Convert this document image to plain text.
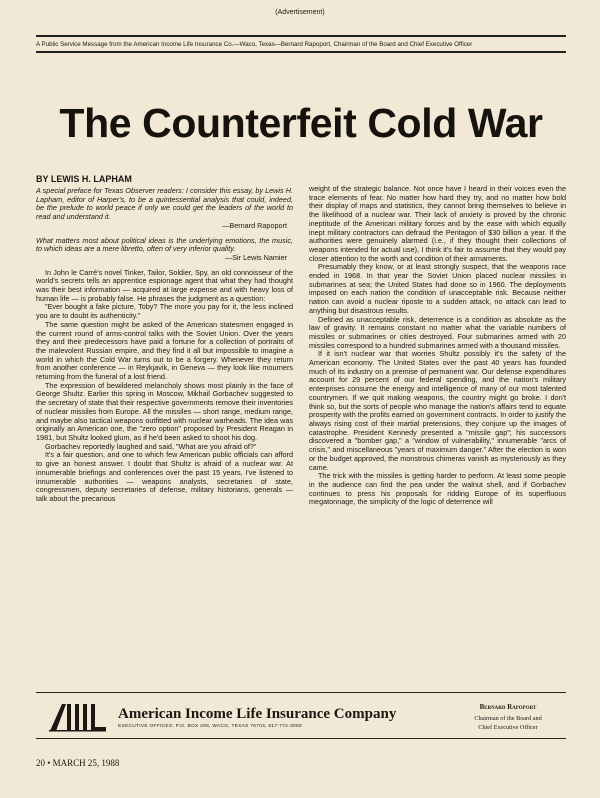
(Advertisement)
A Public Service Message from the American Income Life Insurance Co.—Waco, Texas—Bernard Rapoport, Chairman of the Board and Chief Executive Officer
The Counterfeit Cold War
BY LEWIS H. LAPHAM

A special preface for Texas Observer readers: I consider this essay, by Lewis H. Lapham, editor of Harper's, to be a quintessential analysis that could, indeed, be the prelude to world peace if only we could get the leaders of the world to read and understand it.

—Bernard Rapoport

What matters most about political ideas is the underlying emotions, the music, to which ideas are a mere libretto, often of very inferior quality.

—Sir Lewis Namier

In John le Carré's novel Tinker, Tailor, Soldier, Spy, an old connoisseur of the world's secrets tells an apprentice espionage agent that what they had thought was their best information — acquired at large expense and with heavy loss of human life — is probably false. He phrases the judgment as a question:

"Ever bought a fake picture, Toby? The more you pay for it, the less inclined you are to doubt its authenticity."

The same question might be asked of the American statesmen engaged in the current round of arms-control talks with the Soviet Union. Over the years they and their predecessors have paid a fortune for a collection of portraits of the malevolent Russian empire, and they find it all but impossible to imagine a world in which the Cold War turns out to be a forgery. Whenever they return from another conference — in Reykjavik, in Geneva — they look like mourners returning from the funeral of a lost friend.

The expression of bewildered melancholy shows most plainly in the face of George Shultz. Earlier this spring in Moscow, Mikhail Gorbachev suggested to the secretary of state that their respective governments remove their inventories of nuclear missiles from Europe. All the missiles — short range, medium range, and maybe also tactical weapons outfitted with nuclear warheads. The idea was originally an American one, the "zero option" proposed by President Reagan in 1981, but Shultz looked glum, as if he'd been asked to shoot his dog.

Gorbachev reportedly laughed and said, "What are you afraid of?"

It's a fair question, and one to which few American public officials can afford to give an honest answer. I doubt that Shultz is afraid of a nuclear war. At innumerable briefings and conferences over the past 15 years, I've listened to innumerable authorities — weapons analysts, secretaries of state, congressmen, deputy secretaries of defense, military historians, generals — talk about the precarious

weight of the strategic balance. Not once have I heard in their voices even the trace elements of fear. No matter how hard they try, and no matter how bold their display of maps and statistics, they cannot bring themselves to believe in the likelihood of a nuclear war. Their lack of anxiety is proved by the chronic ineptitude of the American military forces and by the ease with which equally inept military contractors can defraud the Pentagon of $30 billion a year. If the authorities were genuinely alarmed (i.e., if they thought their collections of weapons intended for actual use), I think it's fair to assume that they would pay closer attention to the worth and condition of their armaments.

Presumably they know, or at least strongly suspect, that the weapons race ended in 1968. In that year the Soviet Union placed nuclear missiles in submarines at sea; the United States had done so in 1960. The deployments imposed on each nation the condition of unacceptable risk. Because neither nation can avoid a nuclear riposte to a sudden attack, no attack can lead to anything but disastrous results.

Defined as unacceptable risk, deterrence is a condition as absolute as the law of gravity. It remains constant no matter what the variable numbers of missiles or submarines or cities destroyed. Four submarines armed with 20 missiles correspond to a hundred submarines armed with a thousand missiles.

If it isn't nuclear war that worries Shultz possibly it's the safety of the American economy. The United States over the past 40 years has founded much of its industry on a premise of permanent war. Our defense expenditures account for 29 percent of our federal spending, and the nation's military enterprises consume the energy and intelligence of many of our most talented countrymen. If we quit making weapons, the country might go broke. I don't think so, but the sorts of people who manage the nation's affairs tend to equate prosperity with the profits earned on government contracts. In order to justify the always rising cost of their martial pretensions, they conjure up the images of catastrophe. President Kennedy presented a "missile gap"; his successors discovered a "bomber gap," a "window of vulnerability," innumerable "arcs of crisis," and miscellaneous "years of maximum danger." After the election is won or the budget approved, the monstrous chimeras vanish as mysteriously as they came.

The trick with the missiles is getting harder to perform. At least some people in the audience can find the pea under the walnut shell, and if Gorbachev continues to press his proposals for ridding Europe of its superfluous megatonnage, the simplicity of the logic of deterrence will

American Income Life Insurance Company
EXECUTIVE OFFICES: P.O. BOX 208, WACO, TEXAS 76703, 817-772-3050
Bernard Rapoport
Chairman of the Board and
Chief Executive Officer
20 • MARCH 25, 1988
